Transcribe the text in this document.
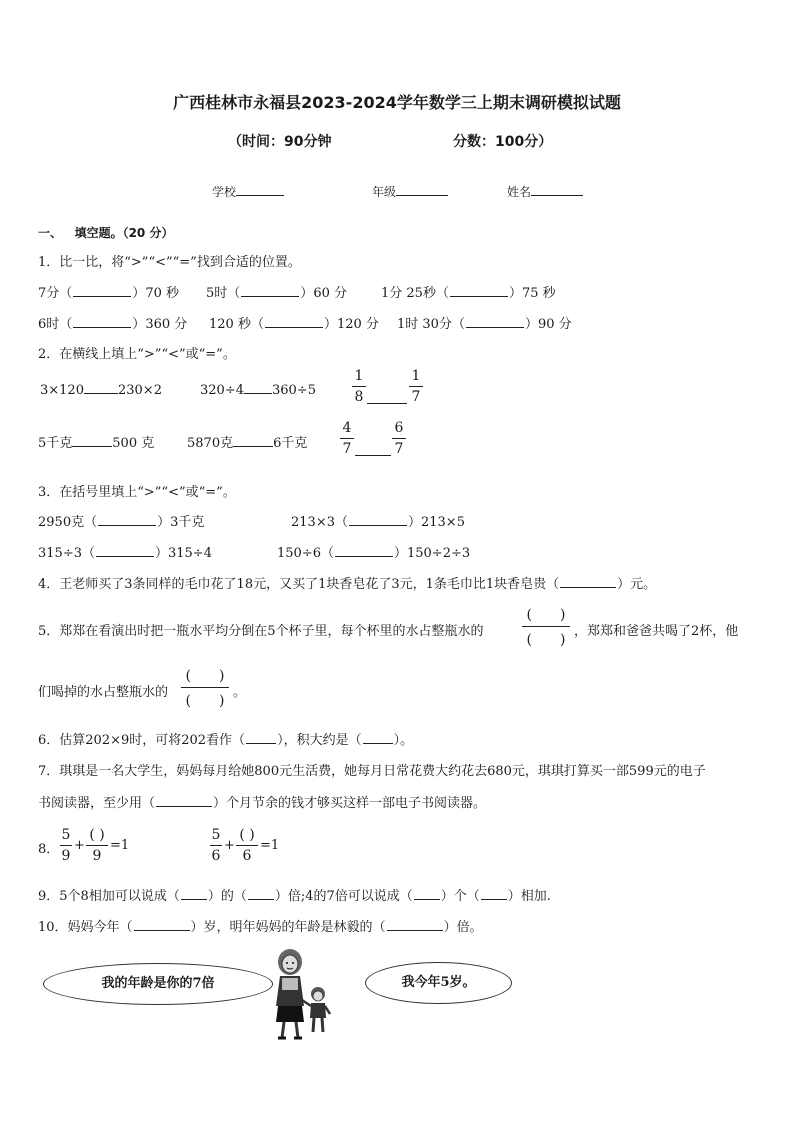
广西桂林市永福县2023-2024学年数学三上期末调研模拟试题
（时间：90分钟	分数：100分）
学校	年级	姓名
一、 填空题。（20 分）
1．比一比，将“>”“<”“=”找到合适的位置。
7分（	）70 秒 5时（	）60 分	1分 25秒（	）75 秒
6时（	）360 分 120 秒（	）120 分 1时 30分（	）90 分
2．在横线上填上“>”“<”或“=”。
3×120	230×2	320÷4 360÷5
1
8
1
7
5千克	500 克	5870克	6千克
4
7
6
7
3．在括号里填上“>”“<”或“=”。
2950克（	）3千克	213×3（	）213×5
315÷3（	）315÷4	150÷6（	）150÷2÷3
4．王老师买了3条同样的毛巾花了18元，又买了1块香皂花了3元，1条毛巾比1块香皂贵（	）元。
5．郑郑在看演出时把一瓶水平均分倒在5个杯子里，每个杯里的水占整瓶水的
(　　)
(　　)
，郑郑和爸爸共喝了2杯，他
们喝掉的水占整瓶水的
(　　)
(　　)
。
6．估算202×9时，可将202看作（ ），积大约是（ ）。
7．琪琪是一名大学生，妈妈每月给她800元生活费，她每月日常花费大约花去680元，琪琪打算买一部599元的电子
书阅读器，至少用（	）个月节余的钱才够买这样一部电子书阅读器。
8．
5
9
+
( )
9
=1
5
6
+
( )
6
=1
9．5个8相加可以说成（ ）的（ ）倍;4的7倍可以说成（ ）个（ ）相加.
10．妈妈今年（	）岁，明年妈妈的年龄是林毅的（	）倍。
我的年龄是你的7倍	我今年5岁。
